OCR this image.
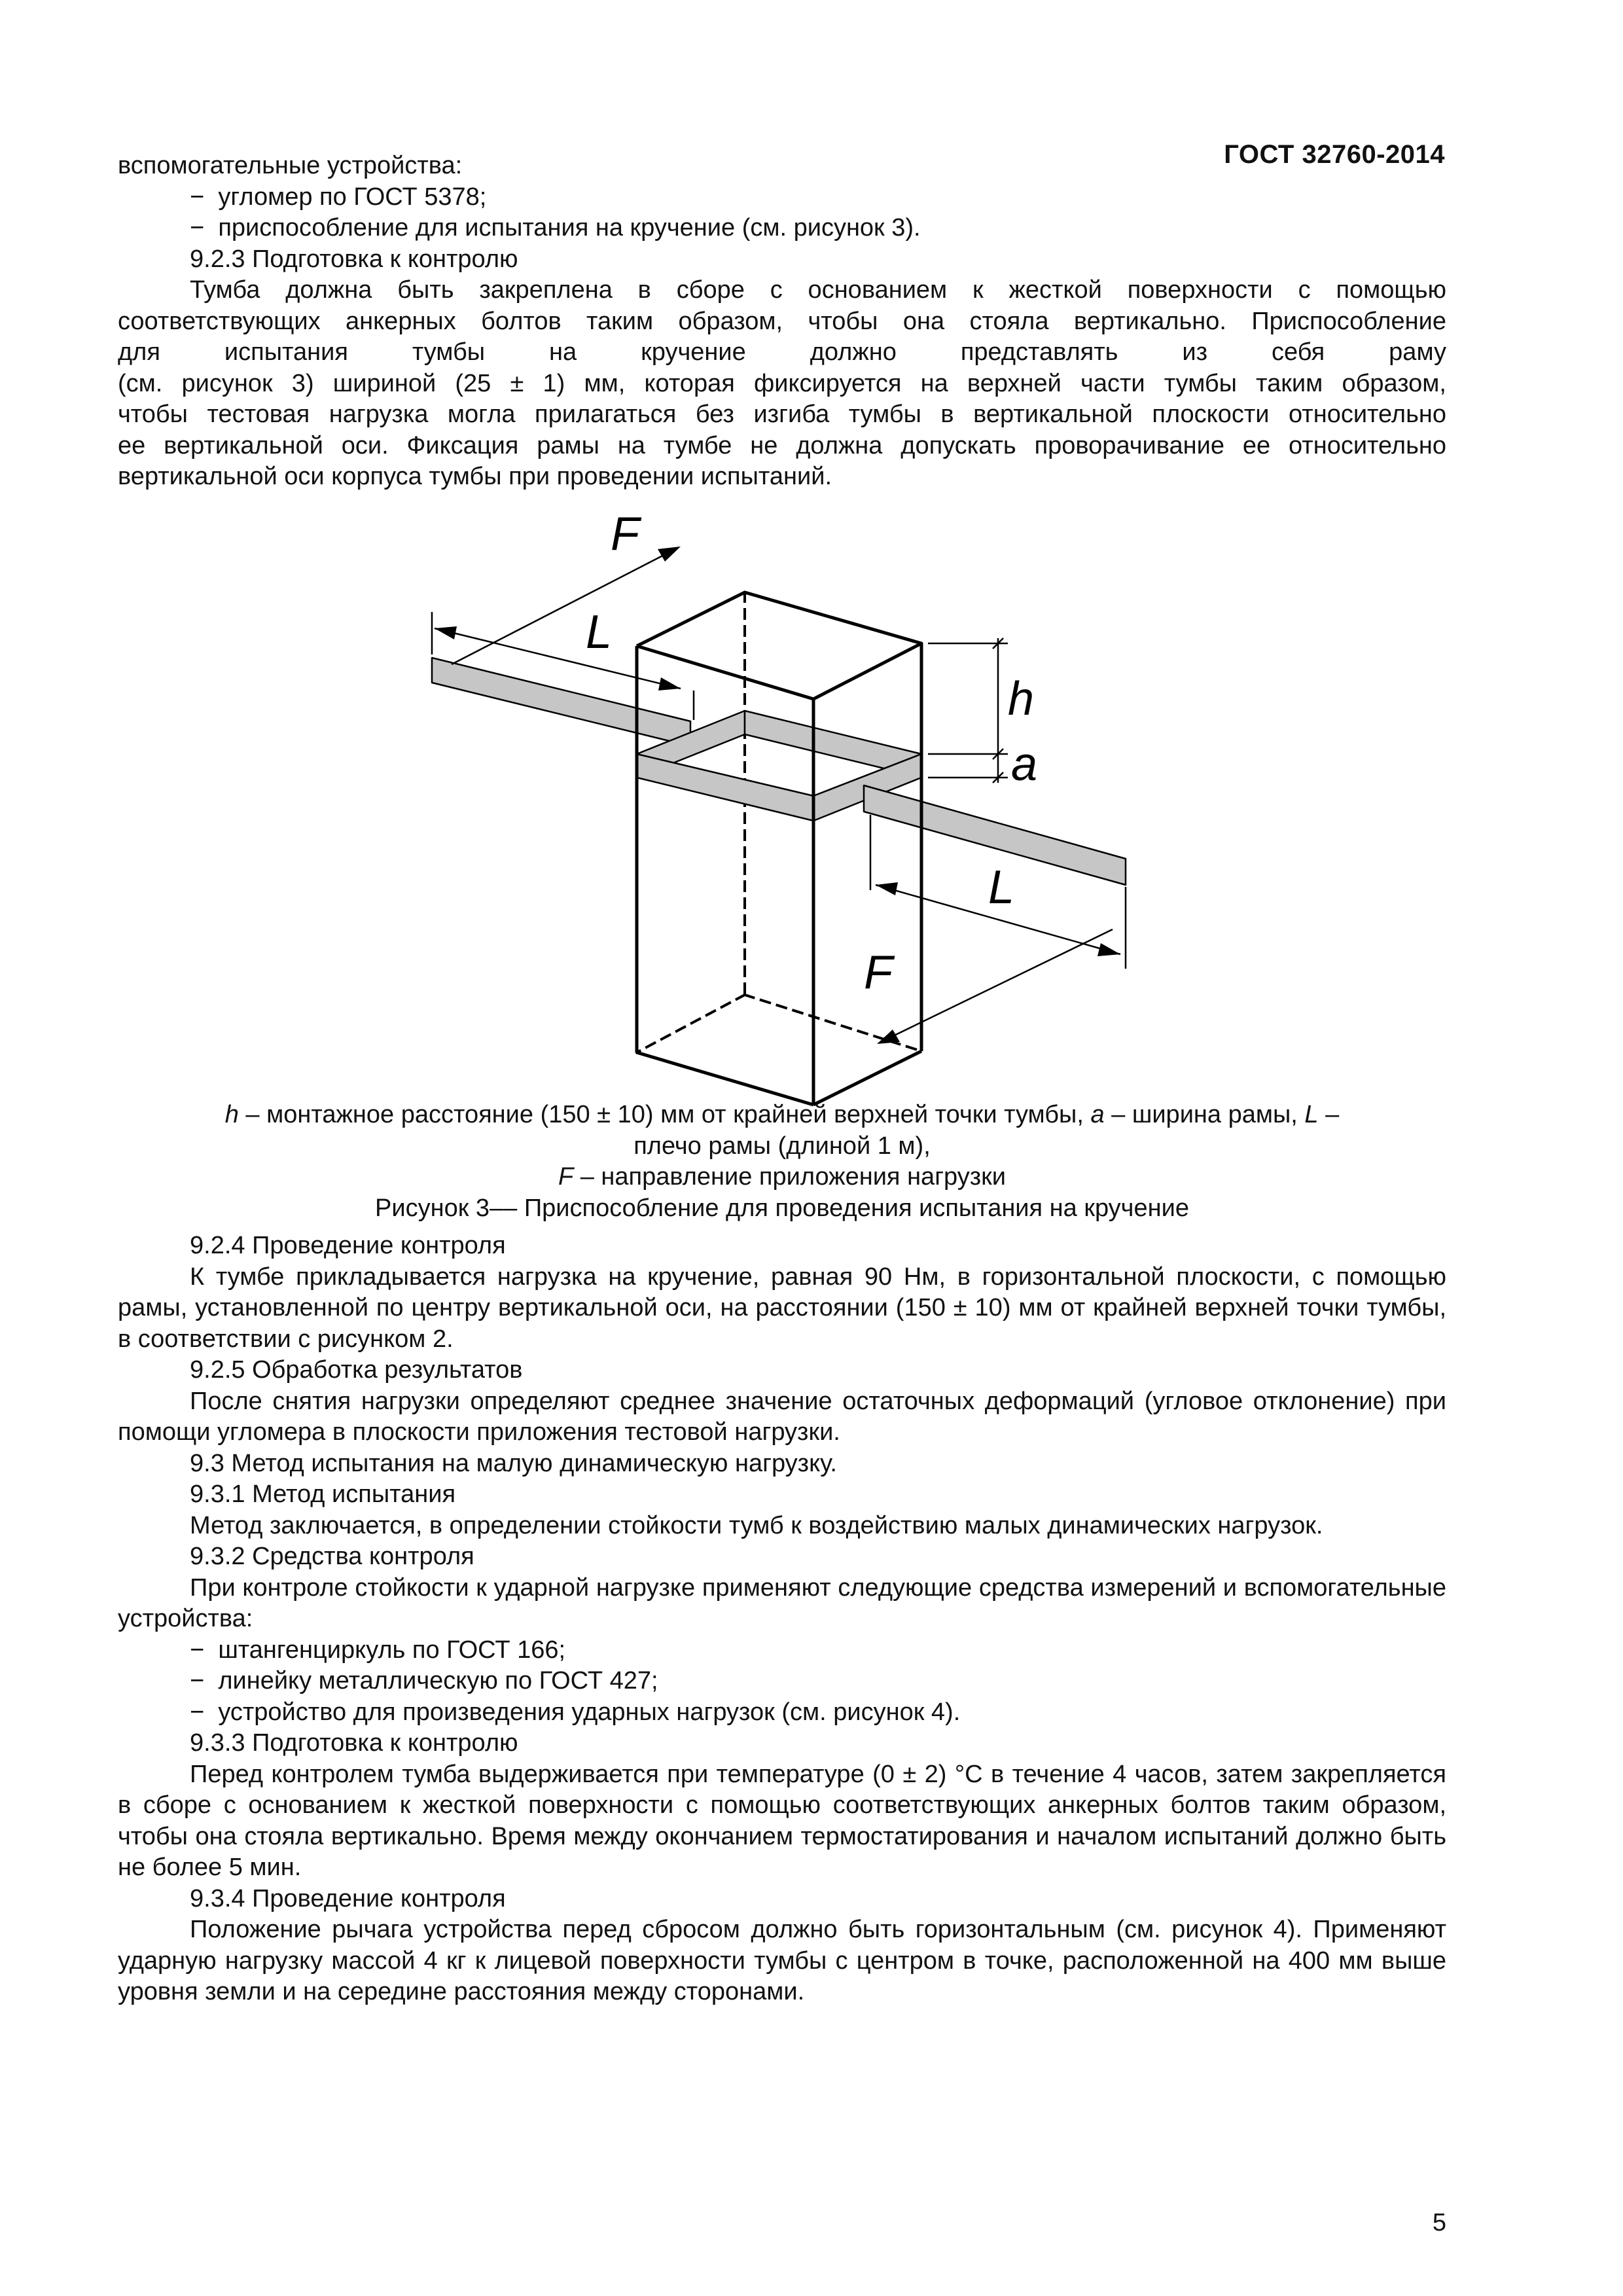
ГОСТ 32760-2014

вспомогательные устройства:

−  угломер по ГОСТ 5378;

−  приспособление для испытания на кручение (см. рисунок 3).

9.2.3 Подготовка к контролю

Тумба должна быть закреплена в сборе с основанием к жесткой поверхности с помощью

соответствующих анкерных болтов таким образом, чтобы она стояла вертикально. Приспособление

для испытания тумбы на кручение должно представлять из себя раму

(см. рисунок 3) шириной (25 ± 1) мм, которая фиксируется на верхней части тумбы таким образом,

чтобы тестовая нагрузка могла прилагаться без изгиба тумбы в вертикальной плоскости относительно

ее вертикальной оси. Фиксация рамы на тумбе не должна допускать проворачивание ее относительно

вертикальной оси корпуса тумбы при проведении испытаний.

F
L
h
a
L
F

h – монтажное расстояние (150 ± 10) мм от крайней верхней точки тумбы, a – ширина рамы, L –

плечо рамы (длиной 1 м),

F – направление приложения нагрузки

Рисунок 3–– Приспособление для проведения испытания на кручение

9.2.4 Проведение контроля

К тумбе прикладывается нагрузка на кручение, равная 90 Нм, в горизонтальной плоскости, с помощью рамы, установленной по центру вертикальной оси, на расстоянии (150 ± 10) мм от крайней верхней точки тумбы, в соответствии с рисунком 2.

9.2.5 Обработка результатов

После снятия нагрузки определяют среднее значение остаточных деформаций (угловое отклонение) при помощи угломера в плоскости приложения тестовой нагрузки.

9.3 Метод испытания на малую динамическую нагрузку.

9.3.1 Метод испытания

Метод заключается, в определении стойкости тумб к воздействию малых динамических нагрузок.

9.3.2 Средства контроля

При контроле стойкости к ударной нагрузке применяют следующие средства измерений и вспомогательные устройства:

−  штангенциркуль по ГОСТ 166;

−  линейку металлическую по ГОСТ 427;

−  устройство для произведения ударных нагрузок (см. рисунок 4).

9.3.3 Подготовка к контролю

Перед контролем тумба выдерживается при температуре (0 ± 2) °С в течение 4 часов, затем закрепляется в сборе с основанием к жесткой поверхности с помощью соответствующих анкерных болтов таким образом, чтобы она стояла вертикально. Время между окончанием термостатирования и началом испытаний должно быть не более 5 мин.

9.3.4 Проведение контроля

Положение рычага устройства перед сбросом должно быть горизонтальным (см. рисунок 4). Применяют ударную нагрузку массой 4 кг к лицевой поверхности тумбы с центром в точке, расположенной на 400 мм выше уровня земли и на середине расстояния между сторонами.

5
